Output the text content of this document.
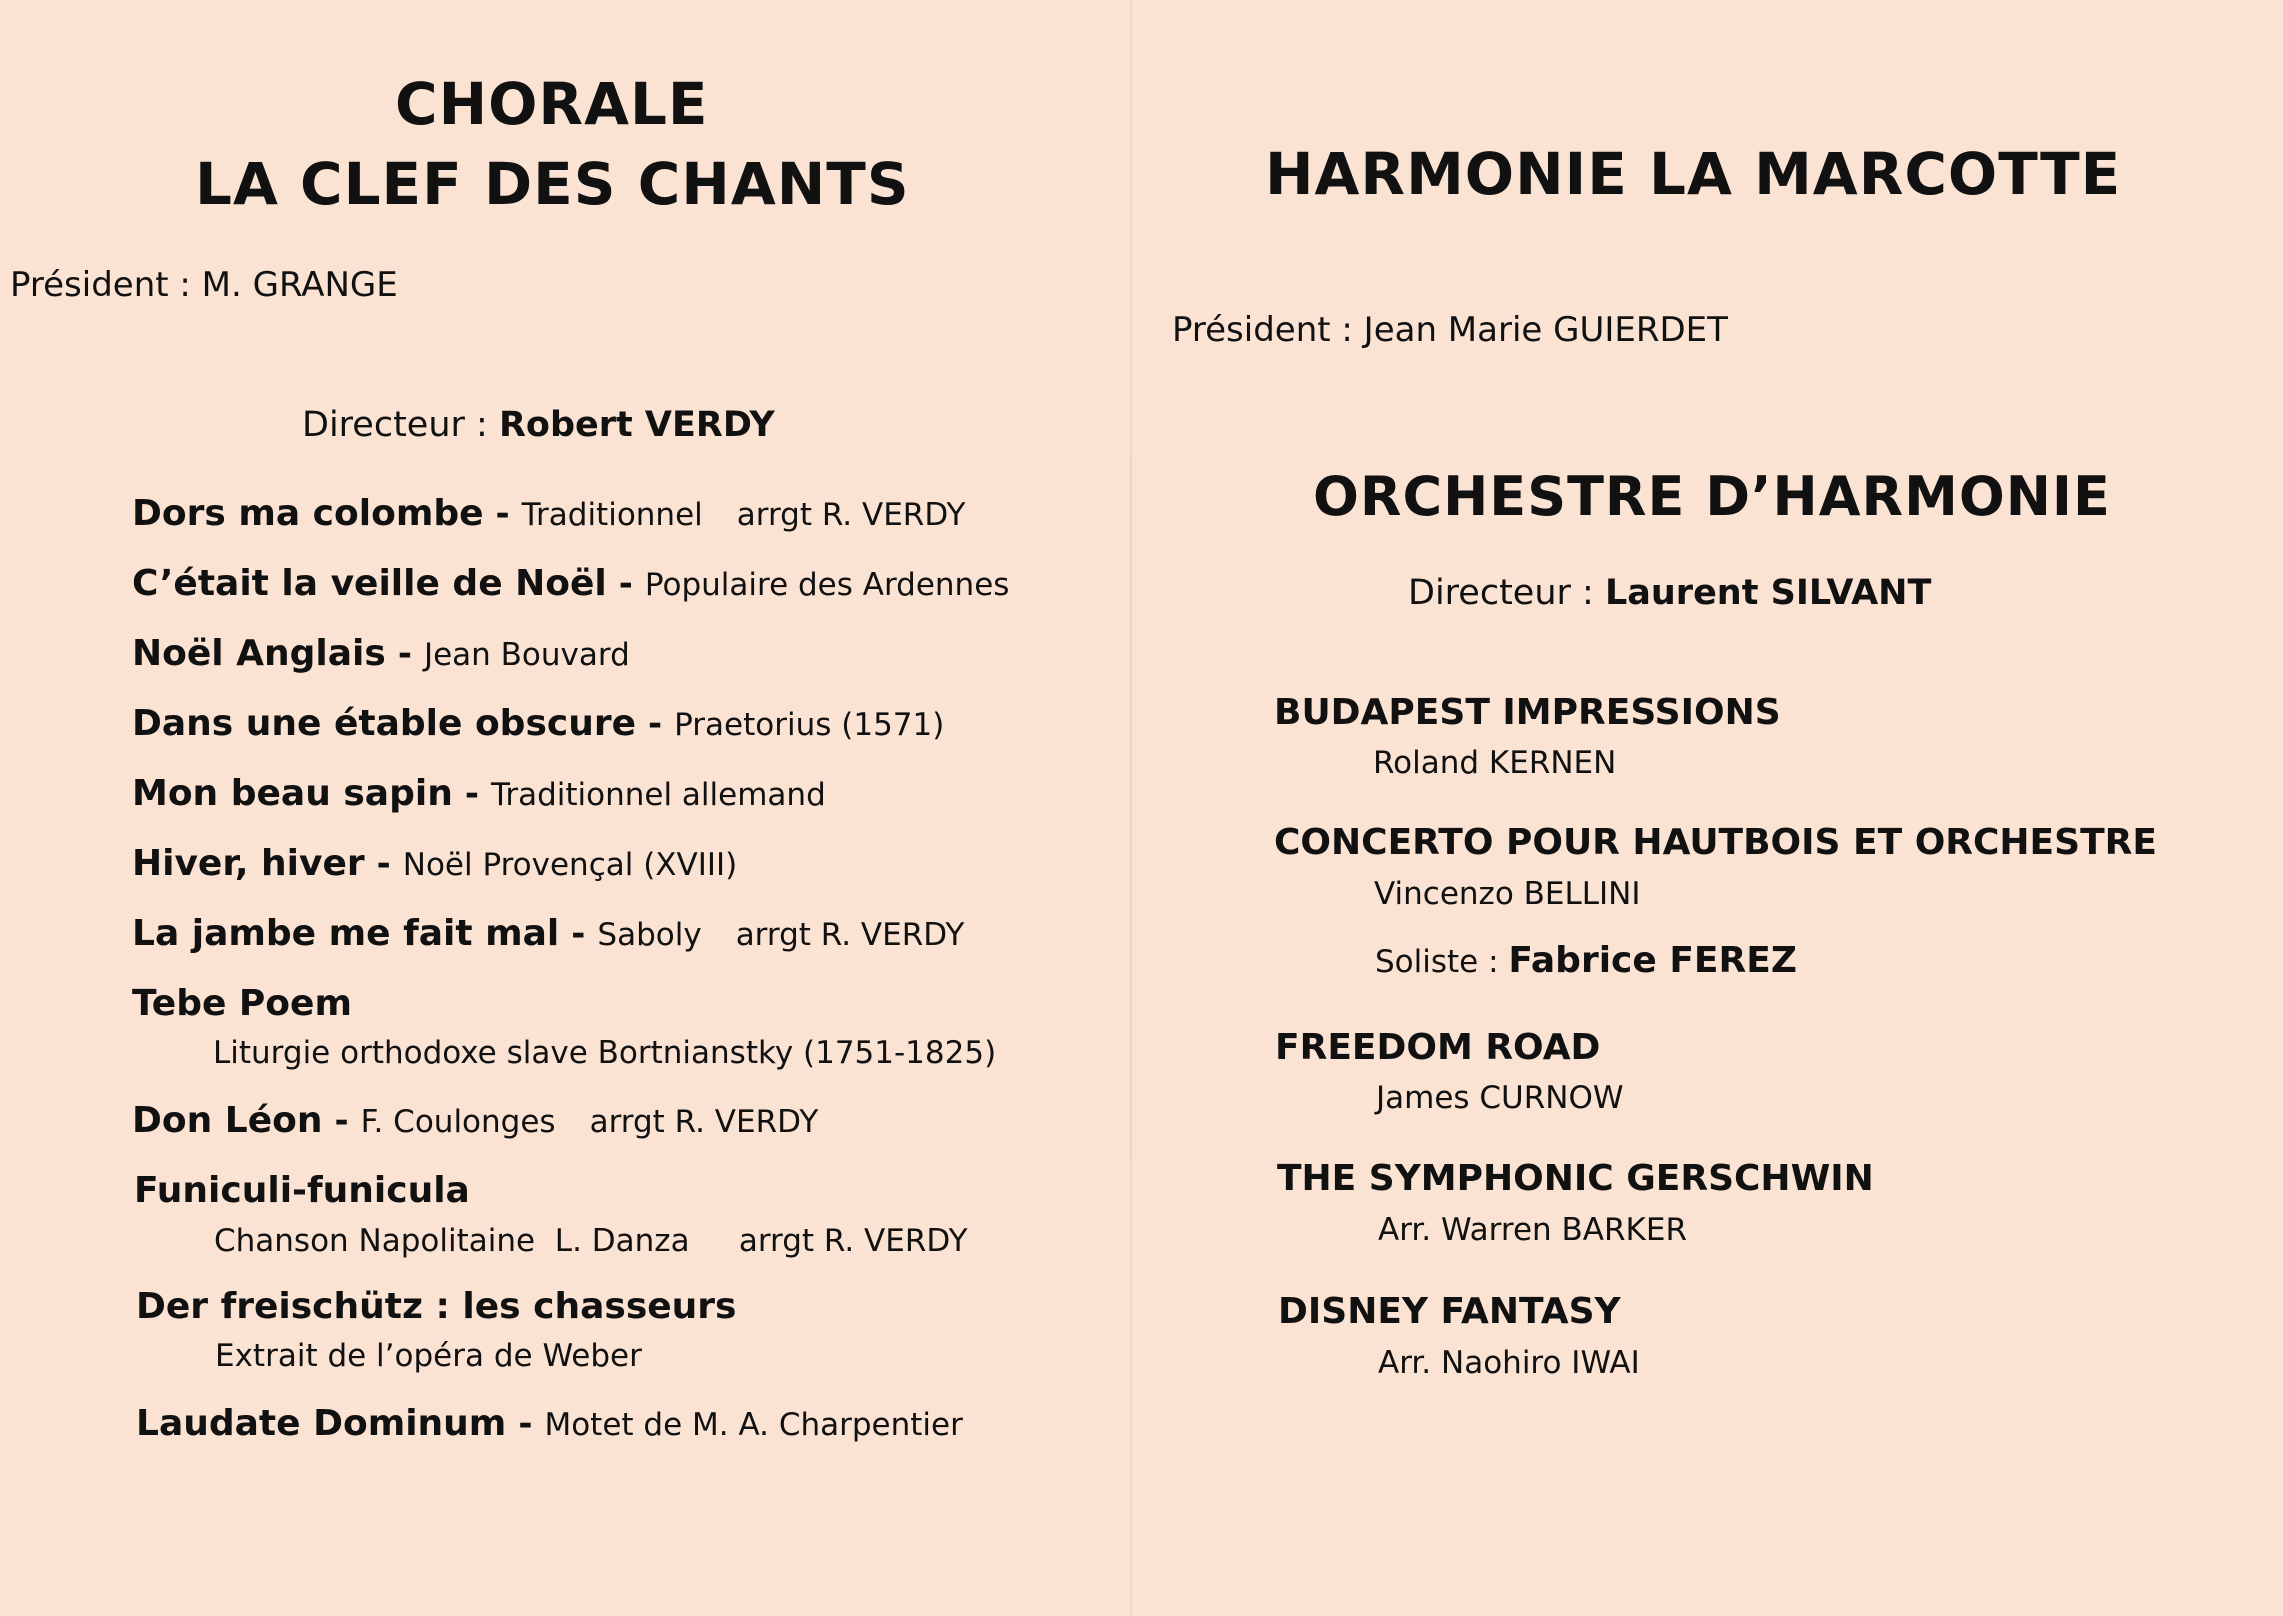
CHORALE
LA CLEF DES CHANTS
Président : M. GRANGE
Directeur : Robert VERDY
Dors ma colombe - Traditionnel arrgt R. VERDY
C’était la veille de Noël - Populaire des Ardennes
Noël Anglais - Jean Bouvard
Dans une étable obscure - Praetorius (1571)
Mon beau sapin - Traditionnel allemand
Hiver, hiver - Noël Provençal (XVIII)
La jambe me fait mal - Saboly arrgt R. VERDY
Tebe Poem
Liturgie orthodoxe slave Bortnianstky (1751-1825)
Don Léon - F. Coulonges arrgt R. VERDY
Funiculi-funicula
Chanson Napolitaine  L. Danza     arrgt R. VERDY
Der freischütz : les chasseurs
Extrait de l’opéra de Weber
Laudate Dominum - Motet de M. A. Charpentier
HARMONIE LA MARCOTTE
Président : Jean Marie GUIERDET
ORCHESTRE D’HARMONIE
Directeur : Laurent SILVANT
BUDAPEST IMPRESSIONS
Roland KERNEN
CONCERTO POUR HAUTBOIS ET ORCHESTRE
Vincenzo BELLINI
Soliste : Fabrice FEREZ
FREEDOM ROAD
James CURNOW
THE SYMPHONIC GERSCHWIN
Arr. Warren BARKER
DISNEY FANTASY
Arr. Naohiro IWAI
